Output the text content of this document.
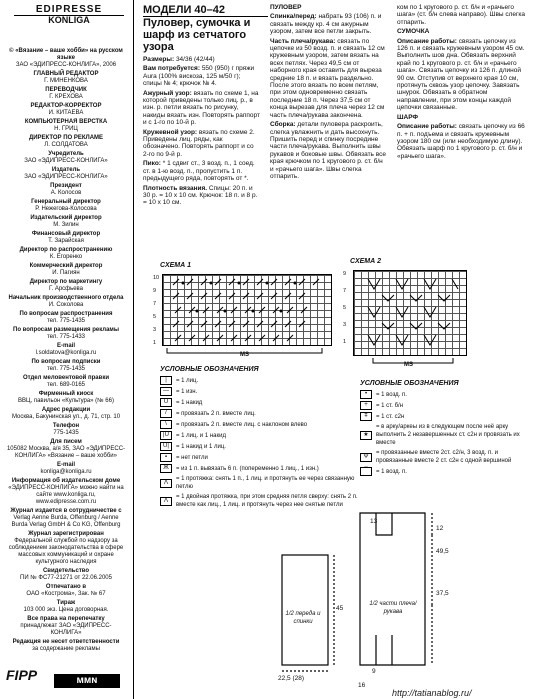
EDIPRESSE
KONLIGA

© «Вязание – ваше хобби» на русском языке
ЗАО «ЭДИПРЕСС-КОНЛИГА», 2006

ГЛАВНЫЙ РЕДАКТОР
Г. МИНЕНКОВА

ПЕРЕВОДЧИК
Г. КРЕХОВА

РЕДАКТОР-КОРРЕКТОР
И. КИТАЕВА

КОМПЬЮТЕРНАЯ ВЕРСТКА
Н. ГРИЦ

ДИРЕКТОР ПО РЕКЛАМЕ
Л. СОЛДАТОВА

Учредитель
ЗАО «ЭДИПРЕСС-КОНЛИГА»

Издатель
ЗАО «ЭДИПРЕСС-КОНЛИГА»

Президент
А. Колосов

Генеральный директор
Р. Нежегова-Колосова

Издательский директор
М. Зилин

Финансовый директор
Т. Зарайская

Директор по распространению
К. Егоренко

Коммерческий директор
И. Пагиян

Директор по маркетингу
Г. Арсфьева

Начальник производственного отдела
И. Соколова

По вопросам распространения
тел. 775-1435

По вопросам размещения рекламы
тел. 775-1433

E-mail
l.soldatova@konliga.ru

По вопросам подписки
тел. 775-1435

Отдел меловентовой правки
тел. 689-0165

Фирменный киоск
ВВЦ, павильон «Культура» (№ 66)

Адрес редакции
Москва, Бакунинская ул., д. 71, стр. 10

Телефон
775-1435

Для писем
105082 Москва, а/я 35, ЗАО «ЭДИПРЕСС-КОНЛИГА» «Вязание – ваше хобби»

E-mail
konliga@konliga.ru

Информация об издательском доме
«ЭДИПРЕСС-КОНЛИГА» можно найти на сайте www.konliga.ru, www.edipresse.com.ru

Журнал издается в сотрудничестве с
Verlag Aenne Burda, Offenburg / Aenne Burda Verlag GmbH & Co KG, Offenburg

Журнал зарегистрирован
Федеральной службой по надзору за соблюдением законодательства в сфере массовых коммуникаций и охране культурного наследия

Свидетельство
ПИ № ФС77-21271 от 22.06.2005

Отпечатано в
ОАО «Кострома», Зак. № 67

Тираж
103 000 экз. Цена договорная.

Все права на перепечатку
принадлежат ЗАО «ЭДИПРЕСС-КОНЛИГА»

Редакция не несет ответственности
за содержание рекламы

FIPP	ᴍᴍɴ
МОДЕЛИ 40–42
Пуловер, сумочка и шарф из сетчатого узора

Размеры: 34/36 (42/44)

Вам потребуется: 550 (950) г пряжи Aura (100% вискоза, 125 м/50 г); спицы № 4; крючок № 4.

Ажурный узор: вязать по схеме 1, на которой приведены только лиц. р., в изн. р. петли вязать по рисунку, накиды вязать изн. Повторять раппорт и с 1-го по 10-й р.

Кружевной узор: вязать по схеме 2. Приведены лиц. ряды, как обозначено. Повторять раппорт и со 2-го по 9-й р.

Пико: * 1 сдвиг ст., 3 возд. п., 1 соед. ст. в 1-ю возд. п., пропустить 1 п. предыдущего ряда, повторять от *.

Плотность вязания. Спицы: 20 п. и 30 р. = 10 х 10 см. Крючок: 18 п. и 8 р. = 10 х 10 см.

ПУЛОВЕР

Спинка/перед: набрать 93 (106) п. и связать между кр. 4 см ажурным узором, затем все петли закрыть.

Часть плеча/рукава: связать по цепочке из 50 возд. п. и связать 12 см кружевным узором, затем вязать на всех петлях. Через 49,5 см от наборного края оставить для выреза средние 18 п. и вязать раздельно. После этого вязать по всем петлям, при этом одновременно связать последние 18 п. Через 37,5 см от конца вырезав для плеча через 12 см часть плеча/рукава закончена.

Сборка: детали пуловера раскроить, слегка увлажнить и дать высохнуть. Пришить перед и спинку посредине части плеча/рукава. Выполнить швы рукавов и боковые швы. Обвязать все края крючком по 1 кругового р. ст. б/н и «рачьего шага». Швы слегка отпарить.

ком по 1 кругового р. ст. б/н и «рачьего шага» (ст. б/н слева направо). Швы слегка отпарить.

СУМОЧКА

Описание работы: связать цепочку из 126 п. и связать кружевным узором 45 см. Выполнить шов дна. Обвязать верхний край по 1 кругового р. ст. б/н и «рачьего шага». Связать цепочку из 126 п. длиной 90 см. Отступив от верхнего края 10 см, протянуть сквозь узор цепочку. Завязать шнурок. Обвязать в обратном направлении, при этом концы каждой цепочки связанные.

ШАРФ

Описание работы: связать цепочку из 66 п. + п. подъема и связать кружевным узором 180 см (или необходимую длину). Обвязать шарф по 1 кругового р. ст. б/н и «рачьего шага».

СХЕМА 1
10
9
7
5
3
1
MS
СХЕМА 2
9
7
5
3
1
MS
УСЛОВНЫЕ ОБОЗНАЧЕНИЯ
|	= 1 лиц.
—	= 1 изн.
U	= 1 накид
/	= провязать 2 п. вместе лиц.
\	= провязать 2 п. вместе лиц. с наклоном влево
|U	= 1 лиц. и 1 накид
U|	= 1 накид и 1 лиц.
▪	= нет петли
Ж	= из 1 п. вывязать 6 п. (попеременно 1 лиц., 1 изн.)
Λ
= 1 протяжка: снять 1 п., 1 лиц. и протянуть ее через связанную петлю
Λ
= 1 двойная протяжка, при этом средняя петля сверху: снять 2 п. вместе как лиц., 1 лиц. и протянуть через нее снятые петли
УСЛОВНЫЕ ОБОЗНАЧЕНИЯ
•	= 1 возд. п.
+	= 1 ст. б/н
ǂ	= 1 ст. с2н
★
= в арку/аркеы из в следующем после неё арку выполнить 2 незавершенных ст. с2н и провязать их вместе
Ψ
= провязанные вместе 2ст. с2/н, 3 возд. п. и провязанные вместе 2 ст. с2н с одной вершиной
⌒	= 1 возд. п.
1/2 переда и спинки
1/2 части плеча/рукава
45
22,5 (28)
13
12
37,5
49,5
16
9
http://tatianablog.ru/
